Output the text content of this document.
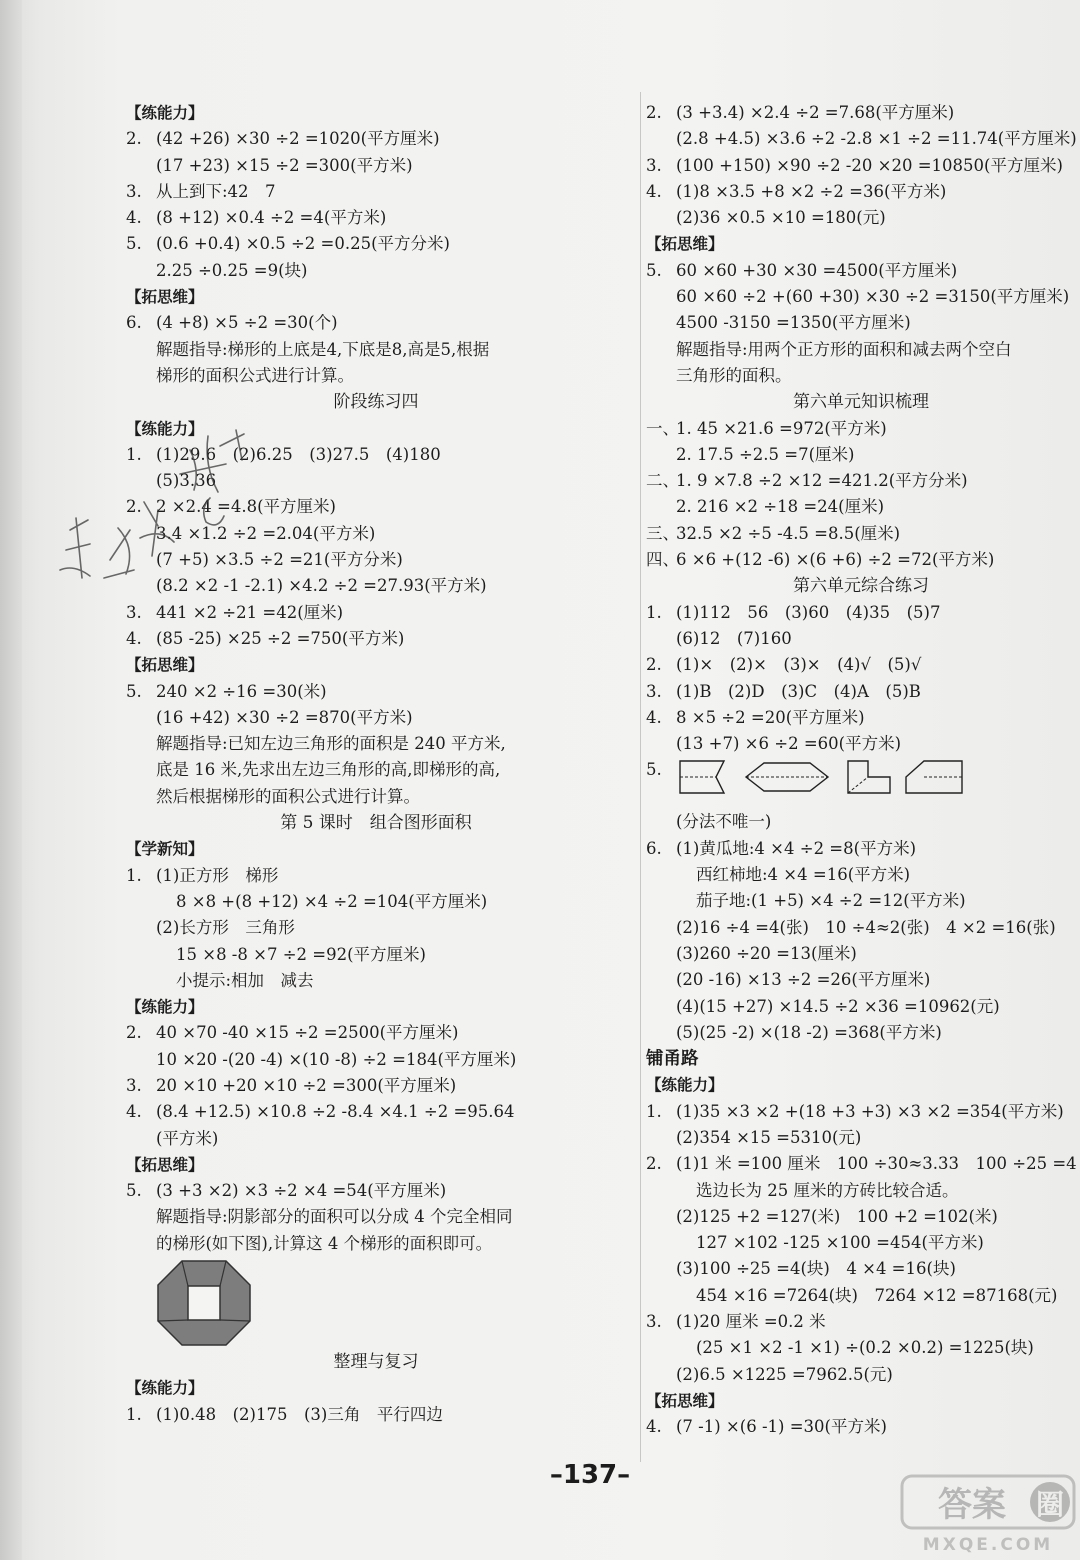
【练能力】
2. (42 +26) ×30 ÷2 =1020(平方厘米)
(17 +23) ×15 ÷2 =300(平方米)
3. 从上到下:42　7
4. (8 +12) ×0.4 ÷2 =4(平方米)
5. (0.6 +0.4) ×0.5 ÷2 =0.25(平方分米)
2.25 ÷0.25 =9(块)
【拓思维】
6. (4 +8) ×5 ÷2 =30(个)
解题指导:梯形的上底是4,下底是8,高是5,根据
梯形的面积公式进行计算。
阶段练习四
【练能力】
1. (1)29.6　(2)6.25　(3)27.5　(4)180
(5)3.36
2. 2 ×2.4 =4.8(平方厘米)
3.4 ×1.2 ÷2 =2.04(平方米)
(7 +5) ×3.5 ÷2 =21(平方分米)
(8.2 ×2 -1 -2.1) ×4.2 ÷2 =27.93(平方米)
3. 441 ×2 ÷21 =42(厘米)
4. (85 -25) ×25 ÷2 =750(平方米)
【拓思维】
5. 240 ×2 ÷16 =30(米)
(16 +42) ×30 ÷2 =870(平方米)
解题指导:已知左边三角形的面积是 240 平方米,
底是 16 米,先求出左边三角形的高,即梯形的高,
然后根据梯形的面积公式进行计算。
第 5 课时　组合图形面积
【学新知】
1. (1)正方形　梯形
8 ×8 +(8 +12) ×4 ÷2 =104(平方厘米)
(2)长方形　三角形
15 ×8 -8 ×7 ÷2 =92(平方厘米)
小提示:相加　减去
【练能力】
2. 40 ×70 -40 ×15 ÷2 =2500(平方厘米)
10 ×20 -(20 -4) ×(10 -8) ÷2 =184(平方厘米)
3. 20 ×10 +20 ×10 ÷2 =300(平方厘米)
4. (8.4 +12.5) ×10.8 ÷2 -8.4 ×4.1 ÷2 =95.64
(平方米)
【拓思维】
5. (3 +3 ×2) ×3 ÷2 ×4 =54(平方厘米)
解题指导:阴影部分的面积可以分成 4 个完全相同
的梯形(如下图),计算这 4 个梯形的面积即可。
整理与复习
【练能力】
1. (1)0.48　(2)175　(3)三角　平行四边
2. (3 +3.4) ×2.4 ÷2 =7.68(平方厘米)
(2.8 +4.5) ×3.6 ÷2 -2.8 ×1 ÷2 =11.74(平方厘米)
3. (100 +150) ×90 ÷2 -20 ×20 =10850(平方厘米)
4. (1)8 ×3.5 +8 ×2 ÷2 =36(平方米)
(2)36 ×0.5 ×10 =180(元)
【拓思维】
5. 60 ×60 +30 ×30 =4500(平方厘米)
60 ×60 ÷2 +(60 +30) ×30 ÷2 =3150(平方厘米)
4500 -3150 =1350(平方厘米)
解题指导:用两个正方形的面积和减去两个空白
三角形的面积。
第六单元知识梳理
一、
1. 45 ×21.6 =972(平方米)
2. 17.5 ÷2.5 =7(厘米)
二、
1. 9 ×7.8 ÷2 ×12 =421.2(平方分米)
2. 216 ×2 ÷18 =24(厘米)
三、
32.5 ×2 ÷5 -4.5 =8.5(厘米)
四、
6 ×6 +(12 -6) ×(6 +6) ÷2 =72(平方米)
第六单元综合练习
1. (1)112　56　(3)60　(4)35　(5)7
(6)12　(7)160
2. (1)×　(2)×　(3)×　(4)√　(5)√
3. (1)B　(2)D　(3)C　(4)A　(5)B
4. 8 ×5 ÷2 =20(平方厘米)
(13 +7) ×6 ÷2 =60(平方米)
5.
(分法不唯一)
6. (1)黄瓜地:4 ×4 ÷2 =8(平方米)
西红柿地:4 ×4 =16(平方米)
茄子地:(1 +5) ×4 ÷2 =12(平方米)
(2)16 ÷4 =4(张)　10 ÷4≈2(张)　4 ×2 =16(张)
(3)260 ÷20 =13(厘米)
(20 -16) ×13 ÷2 =26(平方厘米)
(4)(15 +27) ×14.5 ÷2 ×36 =10962(元)
(5)(25 -2) ×(18 -2) =368(平方米)
铺甬路
【练能力】
1. (1)35 ×3 ×2 +(18 +3 +3) ×3 ×2 =354(平方米)
(2)354 ×15 =5310(元)
2. (1)1 米 =100 厘米　100 ÷30≈3.33　100 ÷25 =4
选边长为 25 厘米的方砖比较合适。
(2)125 +2 =127(米)　100 +2 =102(米)
127 ×102 -125 ×100 =454(平方米)
(3)100 ÷25 =4(块)　4 ×4 =16(块)
454 ×16 =7264(块)　7264 ×12 =87168(元)
3. (1)20 厘米 =0.2 米
(25 ×1 ×2 -1 ×1) ÷(0.2 ×0.2) =1225(块)
(2)6.5 ×1225 =7962.5(元)
【拓思维】
4. (7 -1) ×(6 -1) =30(平方米)
–137–
答案 圈
MXQE.COM
